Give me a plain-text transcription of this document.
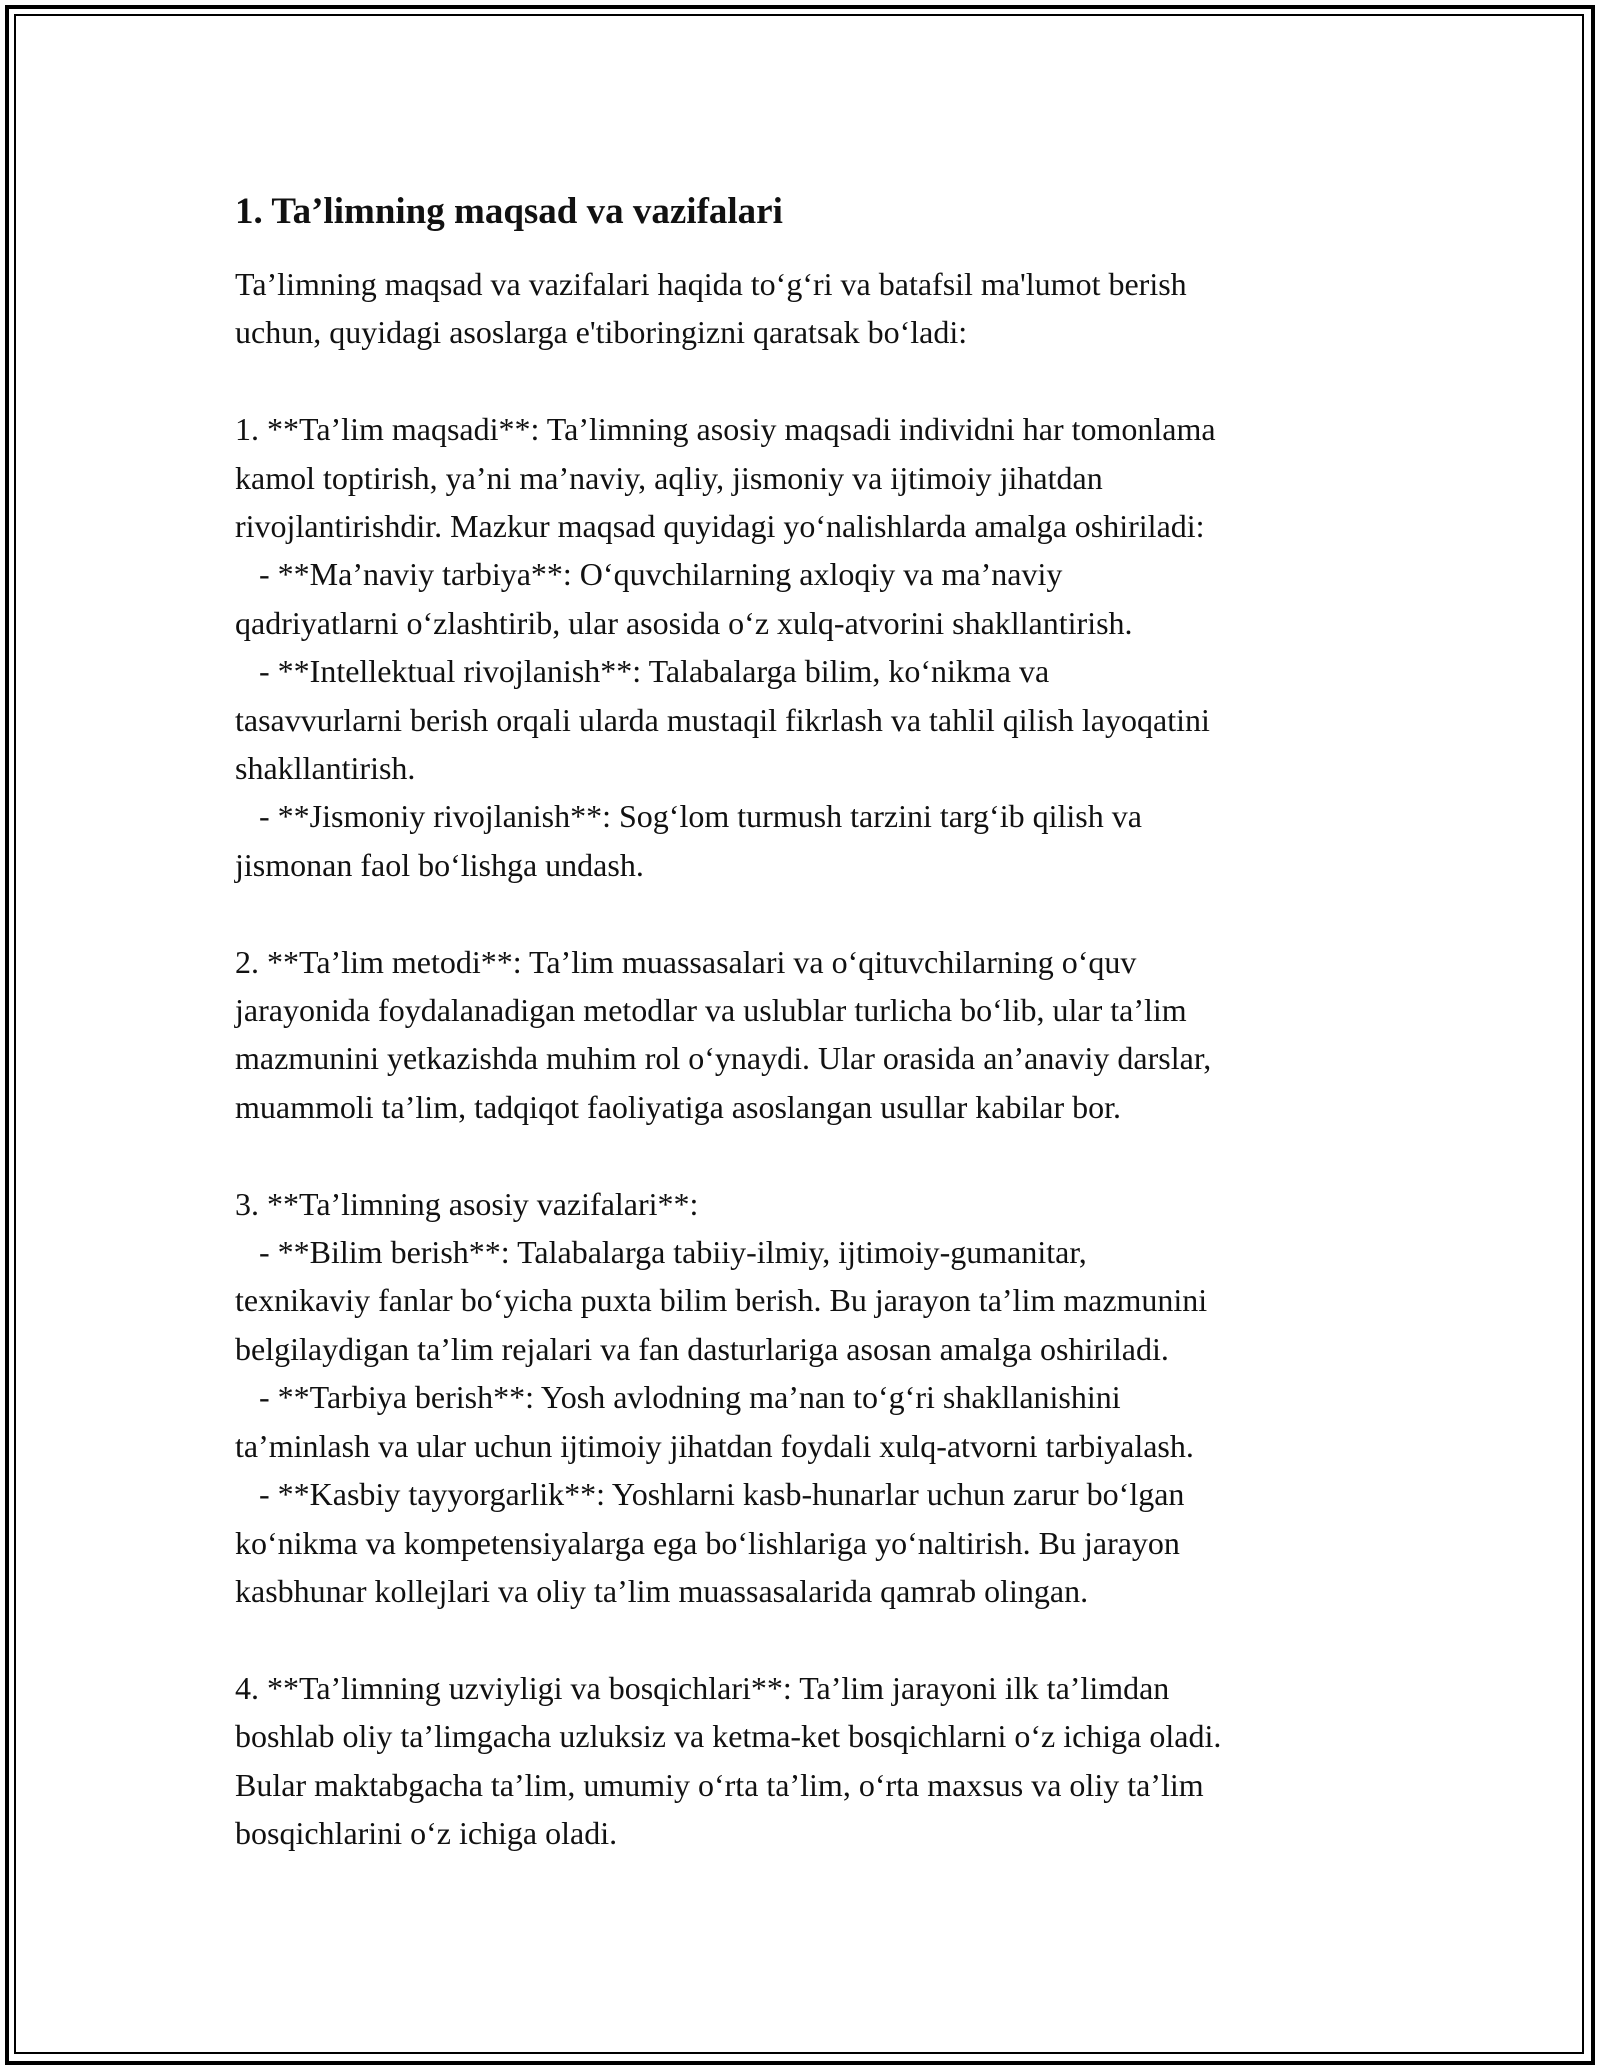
1. Ta’limning maqsad va vazifalari
Ta’limning maqsad va vazifalari haqida to‘g‘ri va batafsil ma'lumot berish
uchun, quyidagi asoslarga e'tiboringizni qaratsak bo‘ladi:
1. **Ta’lim maqsadi**: Ta’limning asosiy maqsadi individni har tomonlama
kamol toptirish, ya’ni ma’naviy, aqliy, jismoniy va ijtimoiy jihatdan
rivojlantirishdir. Mazkur maqsad quyidagi yo‘nalishlarda amalga oshiriladi:
- **Ma’naviy tarbiya**: O‘quvchilarning axloqiy va ma’naviy
qadriyatlarni o‘zlashtirib, ular asosida o‘z xulq-atvorini shakllantirish.
- **Intellektual rivojlanish**: Talabalarga bilim, ko‘nikma va
tasavvurlarni berish orqali ularda mustaqil fikrlash va tahlil qilish layoqatini
shakllantirish.
- **Jismoniy rivojlanish**: Sog‘lom turmush tarzini targ‘ib qilish va
jismonan faol bo‘lishga undash.
2. **Ta’lim metodi**: Ta’lim muassasalari va o‘qituvchilarning o‘quv
jarayonida foydalanadigan metodlar va uslublar turlicha bo‘lib, ular ta’lim
mazmunini yetkazishda muhim rol o‘ynaydi. Ular orasida an’anaviy darslar,
muammoli ta’lim, tadqiqot faoliyatiga asoslangan usullar kabilar bor.
3. **Ta’limning asosiy vazifalari**:
- **Bilim berish**: Talabalarga tabiiy-ilmiy, ijtimoiy-gumanitar,
texnikaviy fanlar bo‘yicha puxta bilim berish. Bu jarayon ta’lim mazmunini
belgilaydigan ta’lim rejalari va fan dasturlariga asosan amalga oshiriladi.
- **Tarbiya berish**: Yosh avlodning ma’nan to‘g‘ri shakllanishini
ta’minlash va ular uchun ijtimoiy jihatdan foydali xulq-atvorni tarbiyalash.
- **Kasbiy tayyorgarlik**: Yoshlarni kasb-hunarlar uchun zarur bo‘lgan
ko‘nikma va kompetensiyalarga ega bo‘lishlariga yo‘naltirish. Bu jarayon
kasbhunar kollejlari va oliy ta’lim muassasalarida qamrab olingan.
4. **Ta’limning uzviyligi va bosqichlari**: Ta’lim jarayoni ilk ta’limdan
boshlab oliy ta’limgacha uzluksiz va ketma-ket bosqichlarni o‘z ichiga oladi.
Bular maktabgacha ta’lim, umumiy o‘rta ta’lim, o‘rta maxsus va oliy ta’lim
bosqichlarini o‘z ichiga oladi.
